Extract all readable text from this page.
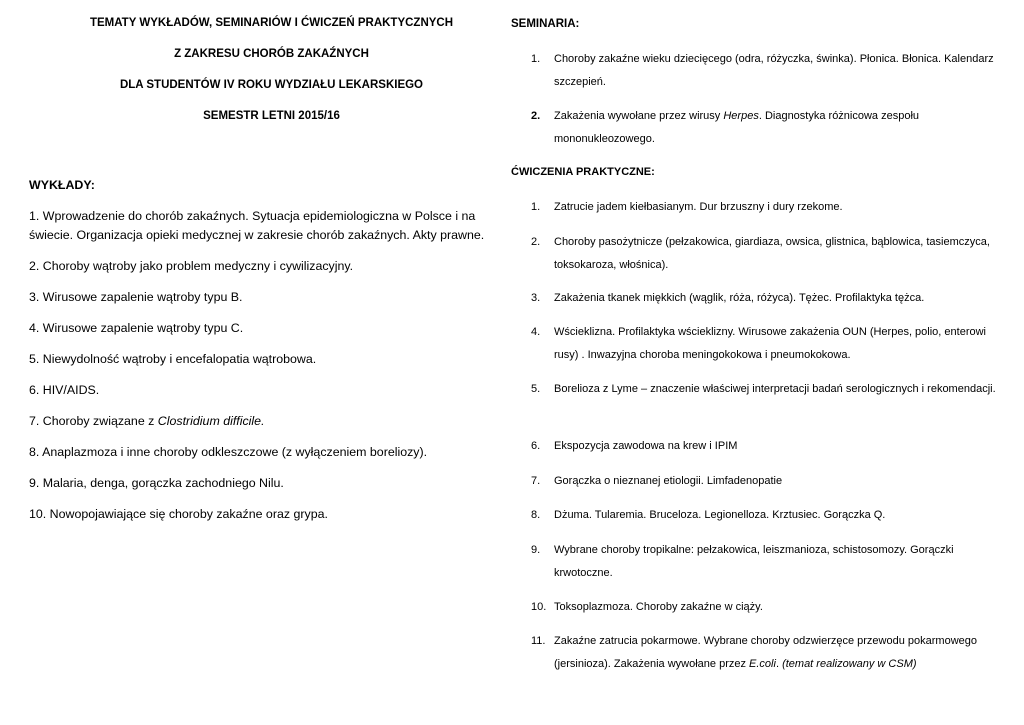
TEMATY WYKŁADÓW, SEMINARIÓW I ĆWICZEŃ PRAKTYCZNYCH
Z ZAKRESU CHORÓB ZAKAŹNYCH
DLA STUDENTÓW IV ROKU WYDZIAŁU LEKARSKIEGO
SEMESTR LETNI 2015/16
WYKŁADY:
1. Wprowadzenie do chorób zakaźnych. Sytuacja epidemiologiczna w Polsce i na świecie. Organizacja opieki medycznej w zakresie chorób zakaźnych. Akty prawne.
2. Choroby wątroby jako problem medyczny i cywilizacyjny.
3. Wirusowe zapalenie wątroby typu B.
4. Wirusowe zapalenie wątroby typu C.
5. Niewydolność wątroby i encefalopatia wątrobowa.
6. HIV/AIDS.
7. Choroby związane z Clostridium difficile.
8. Anaplazmoza i inne choroby odkleszczowe (z wyłączeniem boreliozy).
9. Malaria, denga, gorączka zachodniego Nilu.
10. Nowopojawiające się choroby zakaźne oraz grypa.
SEMINARIA:
1.	Choroby zakaźne wieku dziecięcego (odra, różyczka, świnka). Płonica. Błonica. Kalendarz szczepień.
2.	Zakażenia wywołane przez wirusy Herpes. Diagnostyka różnicowa zespołu mononukleozowego.
ĆWICZENIA PRAKTYCZNE:
1.	Zatrucie jadem kiełbasianym. Dur brzuszny i dury rzekome.
2.	Choroby pasożytnicze (pełzakowica, giardiaza, owsica, glistnica, bąblowica, tasiemczyca, toksokaroza, włośnica).
3.	Zakażenia tkanek miękkich (wąglik, róża, różyca). Tężec. Profilaktyka tężca.
4.	Wścieklizna. Profilaktyka wścieklizny. Wirusowe zakażenia OUN (Herpes, polio, enterowi rusy) . Inwazyjna choroba meningokokowa i pneumokokowa.
5.	Borelioza z Lyme – znaczenie właściwej interpretacji badań serologicznych i rekomendacji.
6.	Ekspozycja zawodowa na krew i IPIM
7.	Gorączka o nieznanej etiologii. Limfadenopatie
8.	Dżuma. Tularemia. Bruceloza. Legionelloza. Krztusiec. Gorączka Q.
9.	Wybrane choroby tropikalne: pełzakowica, leiszmanioza, schistosomozy. Gorączki krwotoczne.
10. Toksoplazmoza. Choroby zakaźne w ciąży.
11. Zakaźne zatrucia pokarmowe. Wybrane choroby odzwierzęce przewodu pokarmowego (jersinioza). Zakażenia wywołane przez E.coli. (temat realizowany w CSM)
